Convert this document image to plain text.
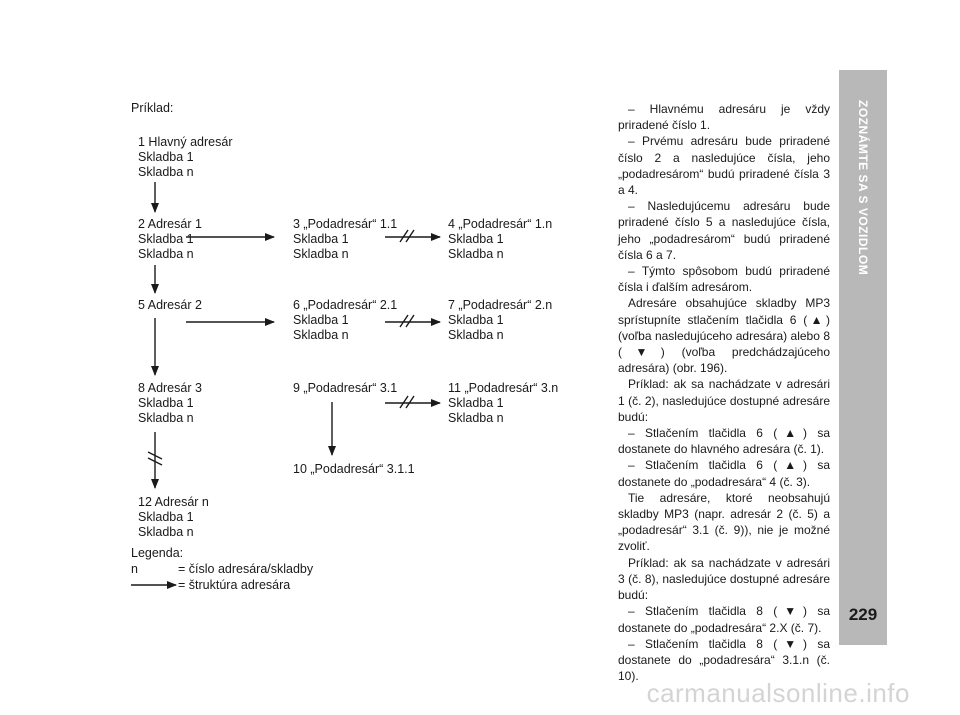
Príklad:
1 Hlavný adresár
Skladba 1
Skladba n
2 Adresár 1
Skladba 1
Skladba n
5 Adresár 2
8 Adresár 3
Skladba 1
Skladba n
12 Adresár n
Skladba 1
Skladba n
3 „Podadresár“ 1.1
Skladba 1
Skladba n
6 „Podadresár“ 2.1
Skladba 1
Skladba n
9 „Podadresár“ 3.1
10 „Podadresár“ 3.1.1
4 „Podadresár“ 1.n
Skladba 1
Skladba n
7 „Podadresár“ 2.n
Skladba 1
Skladba n
11 „Podadresár“ 3.n
Skladba 1
Skladba n
Legenda:
n	= číslo adresára/skladby
= štruktúra adresára

– Hlavnému adresáru je vždy priradené číslo 1.

– Prvému adresáru bude priradené číslo 2 a nasledujúce čísla, jeho „podadresárom“ budú priradené čísla 3 a 4.

– Nasledujúcemu adresáru bude priradené číslo 5 a nasledujúce čísla, jeho „podadresárom“ budú priradené čísla 6 a 7.

– Týmto spôsobom budú priradené čísla i ďalším adresárom.

Adresáre obsahujúce skladby MP3 sprístupníte stlačením tlačidla 6 (▲) (voľba nasledujúceho adresára) alebo 8 (▼) (voľba predchádzajúceho adresára) (obr. 196).

Príklad: ak sa nachádzate v adresári 1 (č. 2), nasledujúce dostupné adresáre budú:

– Stlačením tlačidla 6 (▲) sa dostanete do hlavného adresára (č. 1).

– Stlačením tlačidla 6 (▲) sa dostanete do „podadresára“ 4 (č. 3).

Tie adresáre, ktoré neobsahujú skladby MP3 (napr. adresár 2 (č. 5) a „podadresár“ 3.1 (č. 9)), nie je možné zvoliť.

Príklad: ak sa nachádzate v adresári 3 (č. 8), nasledujúce dostupné adresáre budú:

– Stlačením tlačidla 8 (▼) sa dostanete do „podadresára“ 2.X (č. 7).

– Stlačením tlačidla 8 (▼) sa dostanete do „podadresára“ 3.1.n (č. 10).

ZOZNÁMTE SA S VOZIDLOM
229
carmanualsonline.info
